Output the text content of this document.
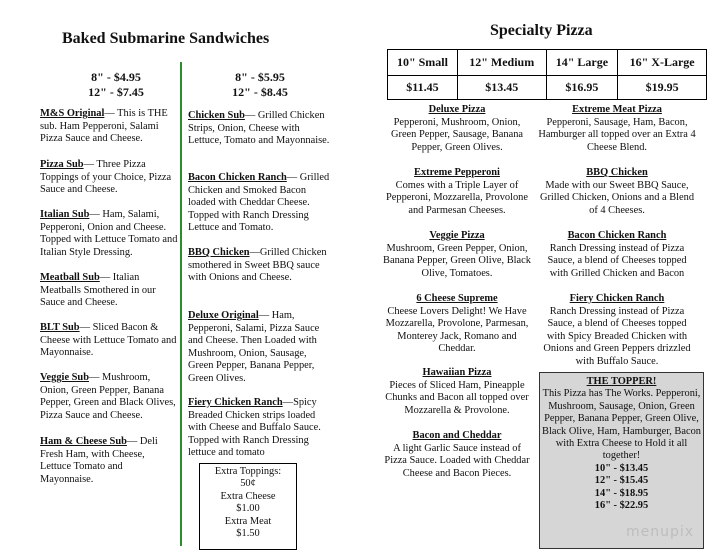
Baked Submarine Sandwiches
8" - $4.95
12" - $7.45
8" - $5.95
12" - $8.45
M&S Original— This is THE sub. Ham Pepperoni, Salami Pizza Sauce and Cheese.
Pizza Sub— Three Pizza Toppings of your Choice, Pizza Sauce and Cheese.
Italian Sub— Ham, Salami, Pepperoni, Onion and Cheese. Topped with Lettuce Tomato and Italian Style Dressing.
Meatball Sub— Italian Meatballs Smothered in our Sauce and Cheese.
BLT Sub— Sliced Bacon & Cheese with Lettuce Tomato and Mayonnaise.
Veggie Sub— Mushroom, Onion, Green Pepper, Banana Pepper, Green and Black Olives, Pizza Sauce and Cheese.
Ham & Cheese Sub— Deli Fresh Ham, with Cheese, Lettuce Tomato and Mayonnaise.
Chicken Sub— Grilled Chicken Strips, Onion, Cheese with Lettuce, Tomato and Mayonnaise.
Bacon Chicken Ranch— Grilled Chicken and Smoked Bacon loaded with Cheddar Cheese. Topped with Ranch Dressing Lettuce and Tomato.
BBQ Chicken—Grilled Chicken smothered in Sweet BBQ sauce with Onions and Cheese.
Deluxe Original— Ham, Pepperoni, Salami, Pizza Sauce and Cheese. Then Loaded with Mushroom, Onion, Sausage, Green Pepper, Banana Pepper, Green Olives.
Fiery Chicken Ranch—Spicy Breaded Chicken strips loaded with Cheese and Buffalo Sauce. Topped with Ranch Dressing lettuce and tomato
Extra Toppings:
50¢
Extra Cheese
$1.00
Extra Meat
$1.50
Specialty Pizza
10" Small	12" Medium	14" Large	16" X-Large
$11.45	$13.45	$16.95	$19.95
Deluxe Pizza
Pepperoni, Mushroom, Onion, Green Pepper, Sausage, Banana Pepper, Green Olives.
Extreme Pepperoni
Comes with a Triple Layer of Pepperoni, Mozzarella, Provolone and Parmesan Cheeses.
Veggie Pizza
Mushroom, Green Pepper, Onion, Banana Pepper, Green Olive, Black Olive, Tomatoes.
6 Cheese Supreme
Cheese Lovers Delight! We Have Mozzarella, Provolone, Parmesan, Monterey Jack, Romano and Cheddar.
Hawaiian Pizza
Pieces of Sliced Ham, Pineapple Chunks and Bacon all topped over Mozzarella & Provolone.
Bacon and Cheddar
A light Garlic Sauce instead of Pizza Sauce. Loaded with Cheddar Cheese and Bacon Pieces.
Extreme Meat Pizza
Pepperoni, Sausage, Ham, Bacon, Hamburger all topped over an Extra 4 Cheese Blend.
BBQ Chicken
Made with our Sweet BBQ Sauce, Grilled Chicken, Onions and a Blend of 4 Cheeses.
Bacon Chicken Ranch
Ranch Dressing instead of Pizza Sauce, a blend of Cheeses topped with Grilled Chicken and Bacon
Fiery Chicken Ranch
Ranch Dressing instead of Pizza Sauce, a blend of Cheeses topped with Spicy Breaded Chicken with Onions and Green Peppers drizzled with Buffalo Sauce.
THE TOPPER!
This Pizza has The Works. Pepperoni, Mushroom, Sausage, Onion, Green Pepper, Banana Pepper, Green Olive, Black Olive, Ham, Hamburger, Bacon with Extra Cheese to Hold it all together!
10" - $13.45
12" - $15.45
14" - $18.95
16" - $22.95
menupix
